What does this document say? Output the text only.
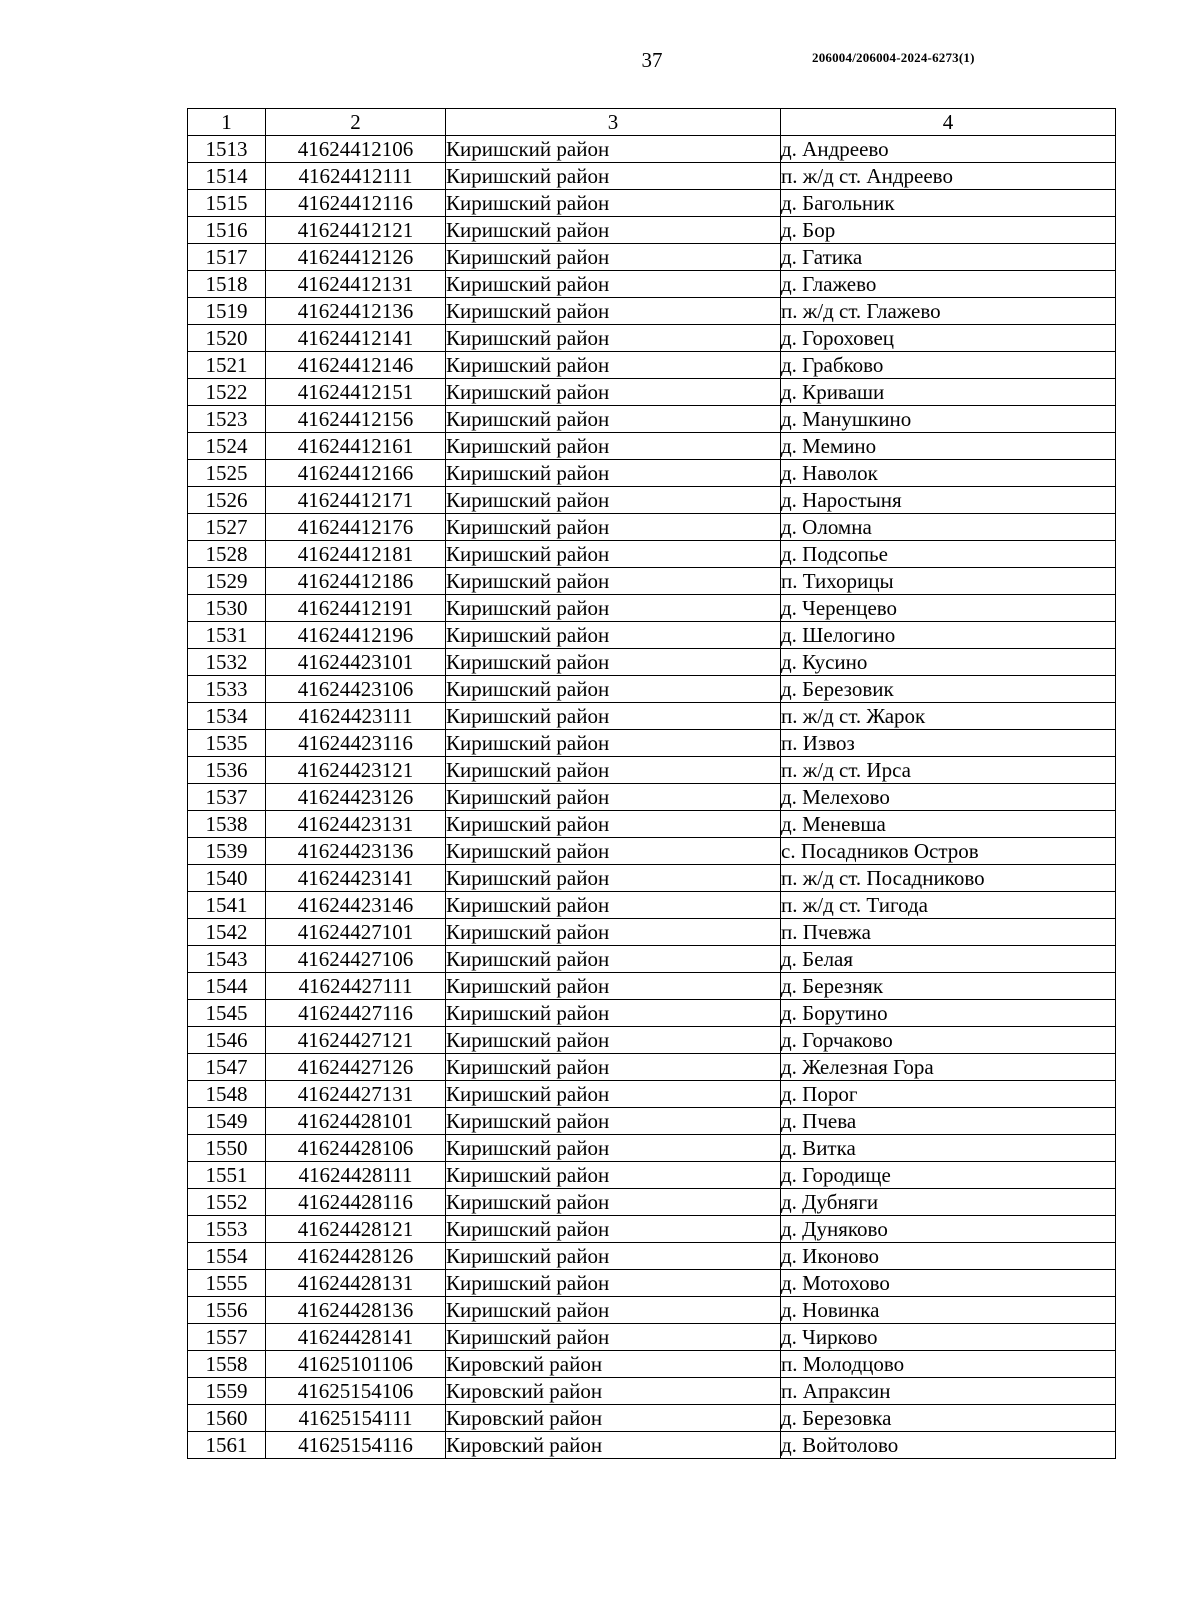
37	206004/206004-2024-6273(1)
1	2	3	4
1513	41624412106	Киришский район	д. Андреево
1514	41624412111	Киришский район	п. ж/д ст. Андреево
1515	41624412116	Киришский район	д. Багольник
1516	41624412121	Киришский район	д. Бор
1517	41624412126	Киришский район	д. Гатика
1518	41624412131	Киришский район	д. Глажево
1519	41624412136	Киришский район	п. ж/д ст. Глажево
1520	41624412141	Киришский район	д. Гороховец
1521	41624412146	Киришский район	д. Грабково
1522	41624412151	Киришский район	д. Криваши
1523	41624412156	Киришский район	д. Манушкино
1524	41624412161	Киришский район	д. Мемино
1525	41624412166	Киришский район	д. Наволок
1526	41624412171	Киришский район	д. Наростыня
1527	41624412176	Киришский район	д. Оломна
1528	41624412181	Киришский район	д. Подсопье
1529	41624412186	Киришский район	п. Тихорицы
1530	41624412191	Киришский район	д. Черенцево
1531	41624412196	Киришский район	д. Шелогино
1532	41624423101	Киришский район	д. Кусино
1533	41624423106	Киришский район	д. Березовик
1534	41624423111	Киришский район	п. ж/д ст. Жарок
1535	41624423116	Киришский район	п. Извоз
1536	41624423121	Киришский район	п. ж/д ст. Ирса
1537	41624423126	Киришский район	д. Мелехово
1538	41624423131	Киришский район	д. Меневша
1539	41624423136	Киришский район	с. Посадников Остров
1540	41624423141	Киришский район	п. ж/д ст. Посадниково
1541	41624423146	Киришский район	п. ж/д ст. Тигода
1542	41624427101	Киришский район	п. Пчевжа
1543	41624427106	Киришский район	д. Белая
1544	41624427111	Киришский район	д. Березняк
1545	41624427116	Киришский район	д. Борутино
1546	41624427121	Киришский район	д. Горчаково
1547	41624427126	Киришский район	д. Железная Гора
1548	41624427131	Киришский район	д. Порог
1549	41624428101	Киришский район	д. Пчева
1550	41624428106	Киришский район	д. Витка
1551	41624428111	Киришский район	д. Городище
1552	41624428116	Киришский район	д. Дубняги
1553	41624428121	Киришский район	д. Дуняково
1554	41624428126	Киришский район	д. Иконово
1555	41624428131	Киришский район	д. Мотохово
1556	41624428136	Киришский район	д. Новинка
1557	41624428141	Киришский район	д. Чирково
1558	41625101106	Кировский район	п. Молодцово
1559	41625154106	Кировский район	п. Апраксин
1560	41625154111	Кировский район	д. Березовка
1561	41625154116	Кировский район	д. Войтолово
